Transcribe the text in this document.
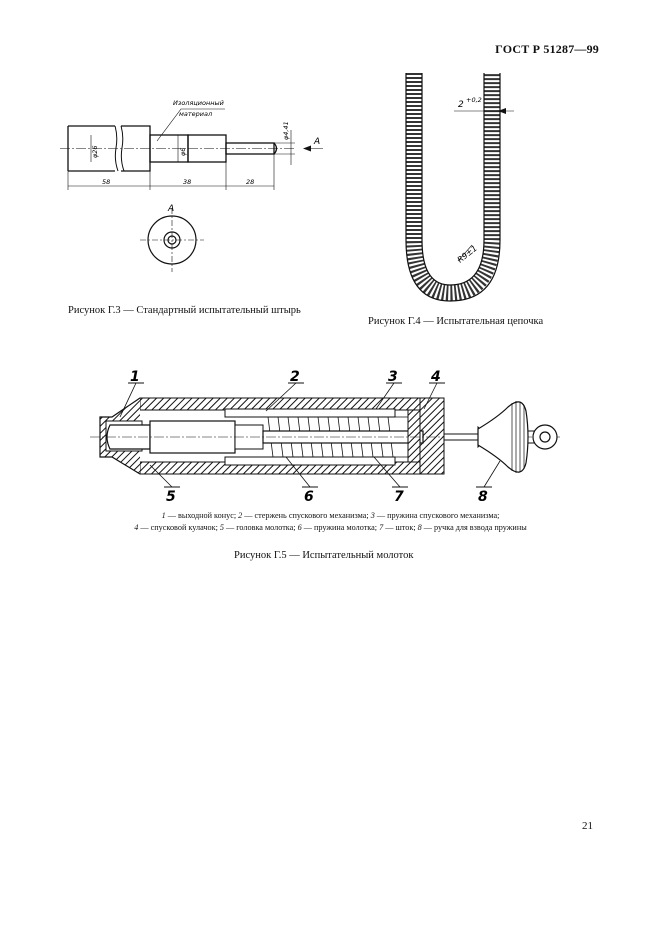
ГОСТ Р 51287—99
Изоляционный
материал
φ26	φ6
φ4,41
A
58	38	28
A
Рисунок Г.3 — Стандартный испытательный штырь
2 +0,2
R9±1
Рисунок Г.4 — Испытательная цепочка
1	2	3 4
5	6	7	8
1 — выходной конус; 2 — стержень спускового механизма; 3 — пружина спускового механизма;
4 — спусковой кулачок; 5 — головка молотка; 6 — пружина молотка; 7 — шток; 8 — ручка для взвода пружины
Рисунок Г.5 — Испытательный молоток
21
